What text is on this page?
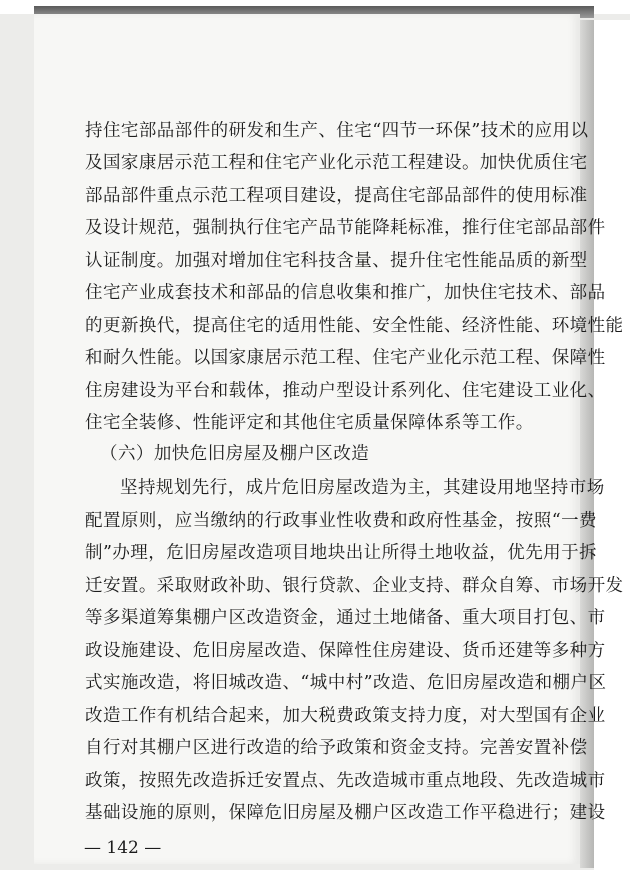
持住宅部品部件的研发和生产、住宅“四节一环保”技术的应用以
及国家康居示范工程和住宅产业化示范工程建设。加快优质住宅
部品部件重点示范工程项目建设，提高住宅部品部件的使用标准
及设计规范，强制执行住宅产品节能降耗标准，推行住宅部品部件
认证制度。加强对增加住宅科技含量、提升住宅性能品质的新型
住宅产业成套技术和部品的信息收集和推广，加快住宅技术、部品
的更新换代，提高住宅的适用性能、安全性能、经济性能、环境性能
和耐久性能。以国家康居示范工程、住宅产业化示范工程、保障性
住房建设为平台和载体，推动户型设计系列化、住宅建设工业化、
住宅全装修、性能评定和其他住宅质量保障体系等工作。
（六）加快危旧房屋及棚户区改造
坚持规划先行，成片危旧房屋改造为主，其建设用地坚持市场
配置原则，应当缴纳的行政事业性收费和政府性基金，按照“一费
制”办理，危旧房屋改造项目地块出让所得土地收益，优先用于拆
迁安置。采取财政补助、银行贷款、企业支持、群众自筹、市场开发
等多渠道筹集棚户区改造资金，通过土地储备、重大项目打包、市
政设施建设、危旧房屋改造、保障性住房建设、货币还建等多种方
式实施改造，将旧城改造、“城中村”改造、危旧房屋改造和棚户区
改造工作有机结合起来，加大税费政策支持力度，对大型国有企业
自行对其棚户区进行改造的给予政策和资金支持。完善安置补偿
政策，按照先改造拆迁安置点、先改造城市重点地段、先改造城市
基础设施的原则，保障危旧房屋及棚户区改造工作平稳进行；建设
— 142 —
